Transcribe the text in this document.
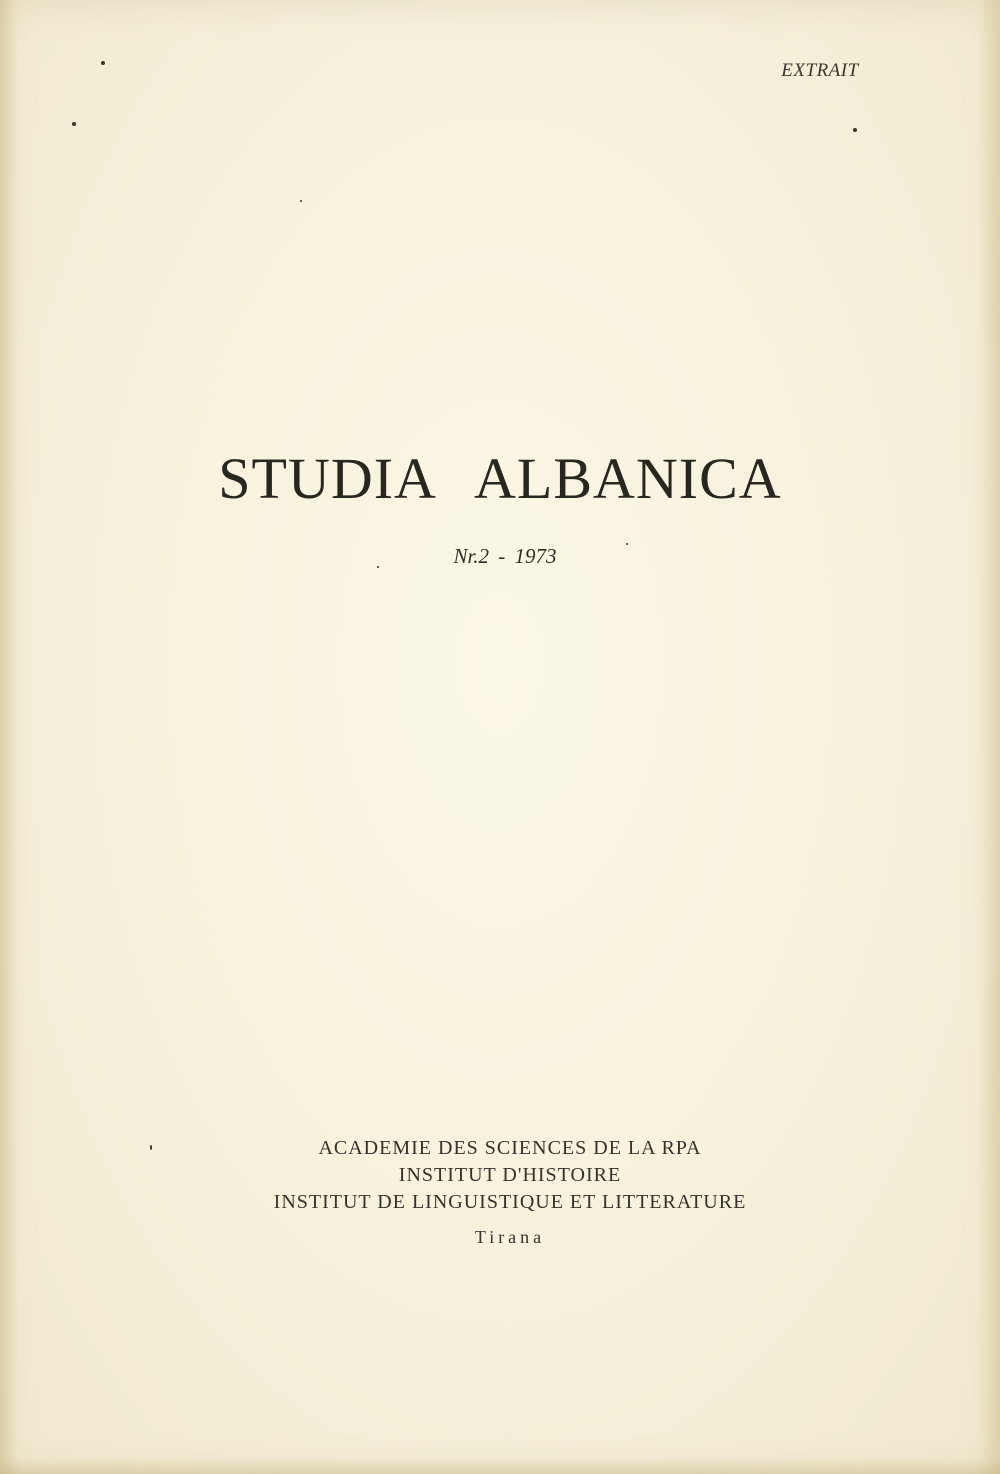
EXTRAIT
STUDIA ALBANICA
Nr.2 - 1973
ACADEMIE DES SCIENCES DE LA RPA
INSTITUT D'HISTOIRE
INSTITUT DE LINGUISTIQUE ET LITTERATURE
Tirana
